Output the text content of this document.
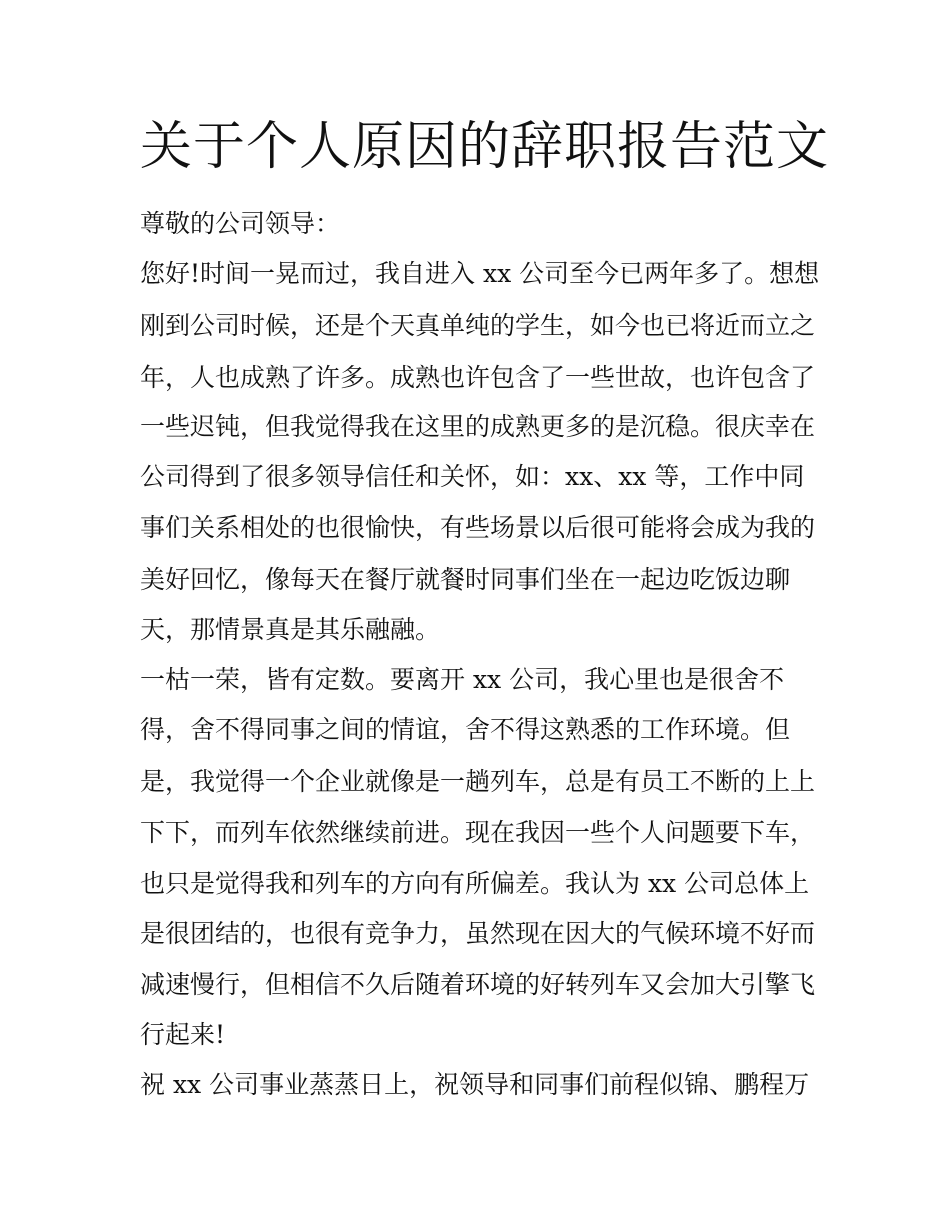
关于个人原因的辞职报告范文

尊敬的公司领导：

您好!时间一晃而过，我自进入 xx 公司至今已两年多了。想想

刚到公司时候，还是个天真单纯的学生，如今也已将近而立之

年，人也成熟了许多。成熟也许包含了一些世故，也许包含了

一些迟钝，但我觉得我在这里的成熟更多的是沉稳。很庆幸在

公司得到了很多领导信任和关怀，如：xx、xx 等，工作中同

事们关系相处的也很愉快，有些场景以后很可能将会成为我的

美好回忆，像每天在餐厅就餐时同事们坐在一起边吃饭边聊

天，那情景真是其乐融融。

一枯一荣，皆有定数。要离开 xx 公司，我心里也是很舍不

得，舍不得同事之间的情谊，舍不得这熟悉的工作环境。但

是，我觉得一个企业就像是一趟列车，总是有员工不断的上上

下下，而列车依然继续前进。现在我因一些个人问题要下车，

也只是觉得我和列车的方向有所偏差。我认为 xx 公司总体上

是很团结的，也很有竞争力，虽然现在因大的气候环境不好而

减速慢行，但相信不久后随着环境的好转列车又会加大引擎飞

行起来!

祝 xx 公司事业蒸蒸日上，祝领导和同事们前程似锦、鹏程万
